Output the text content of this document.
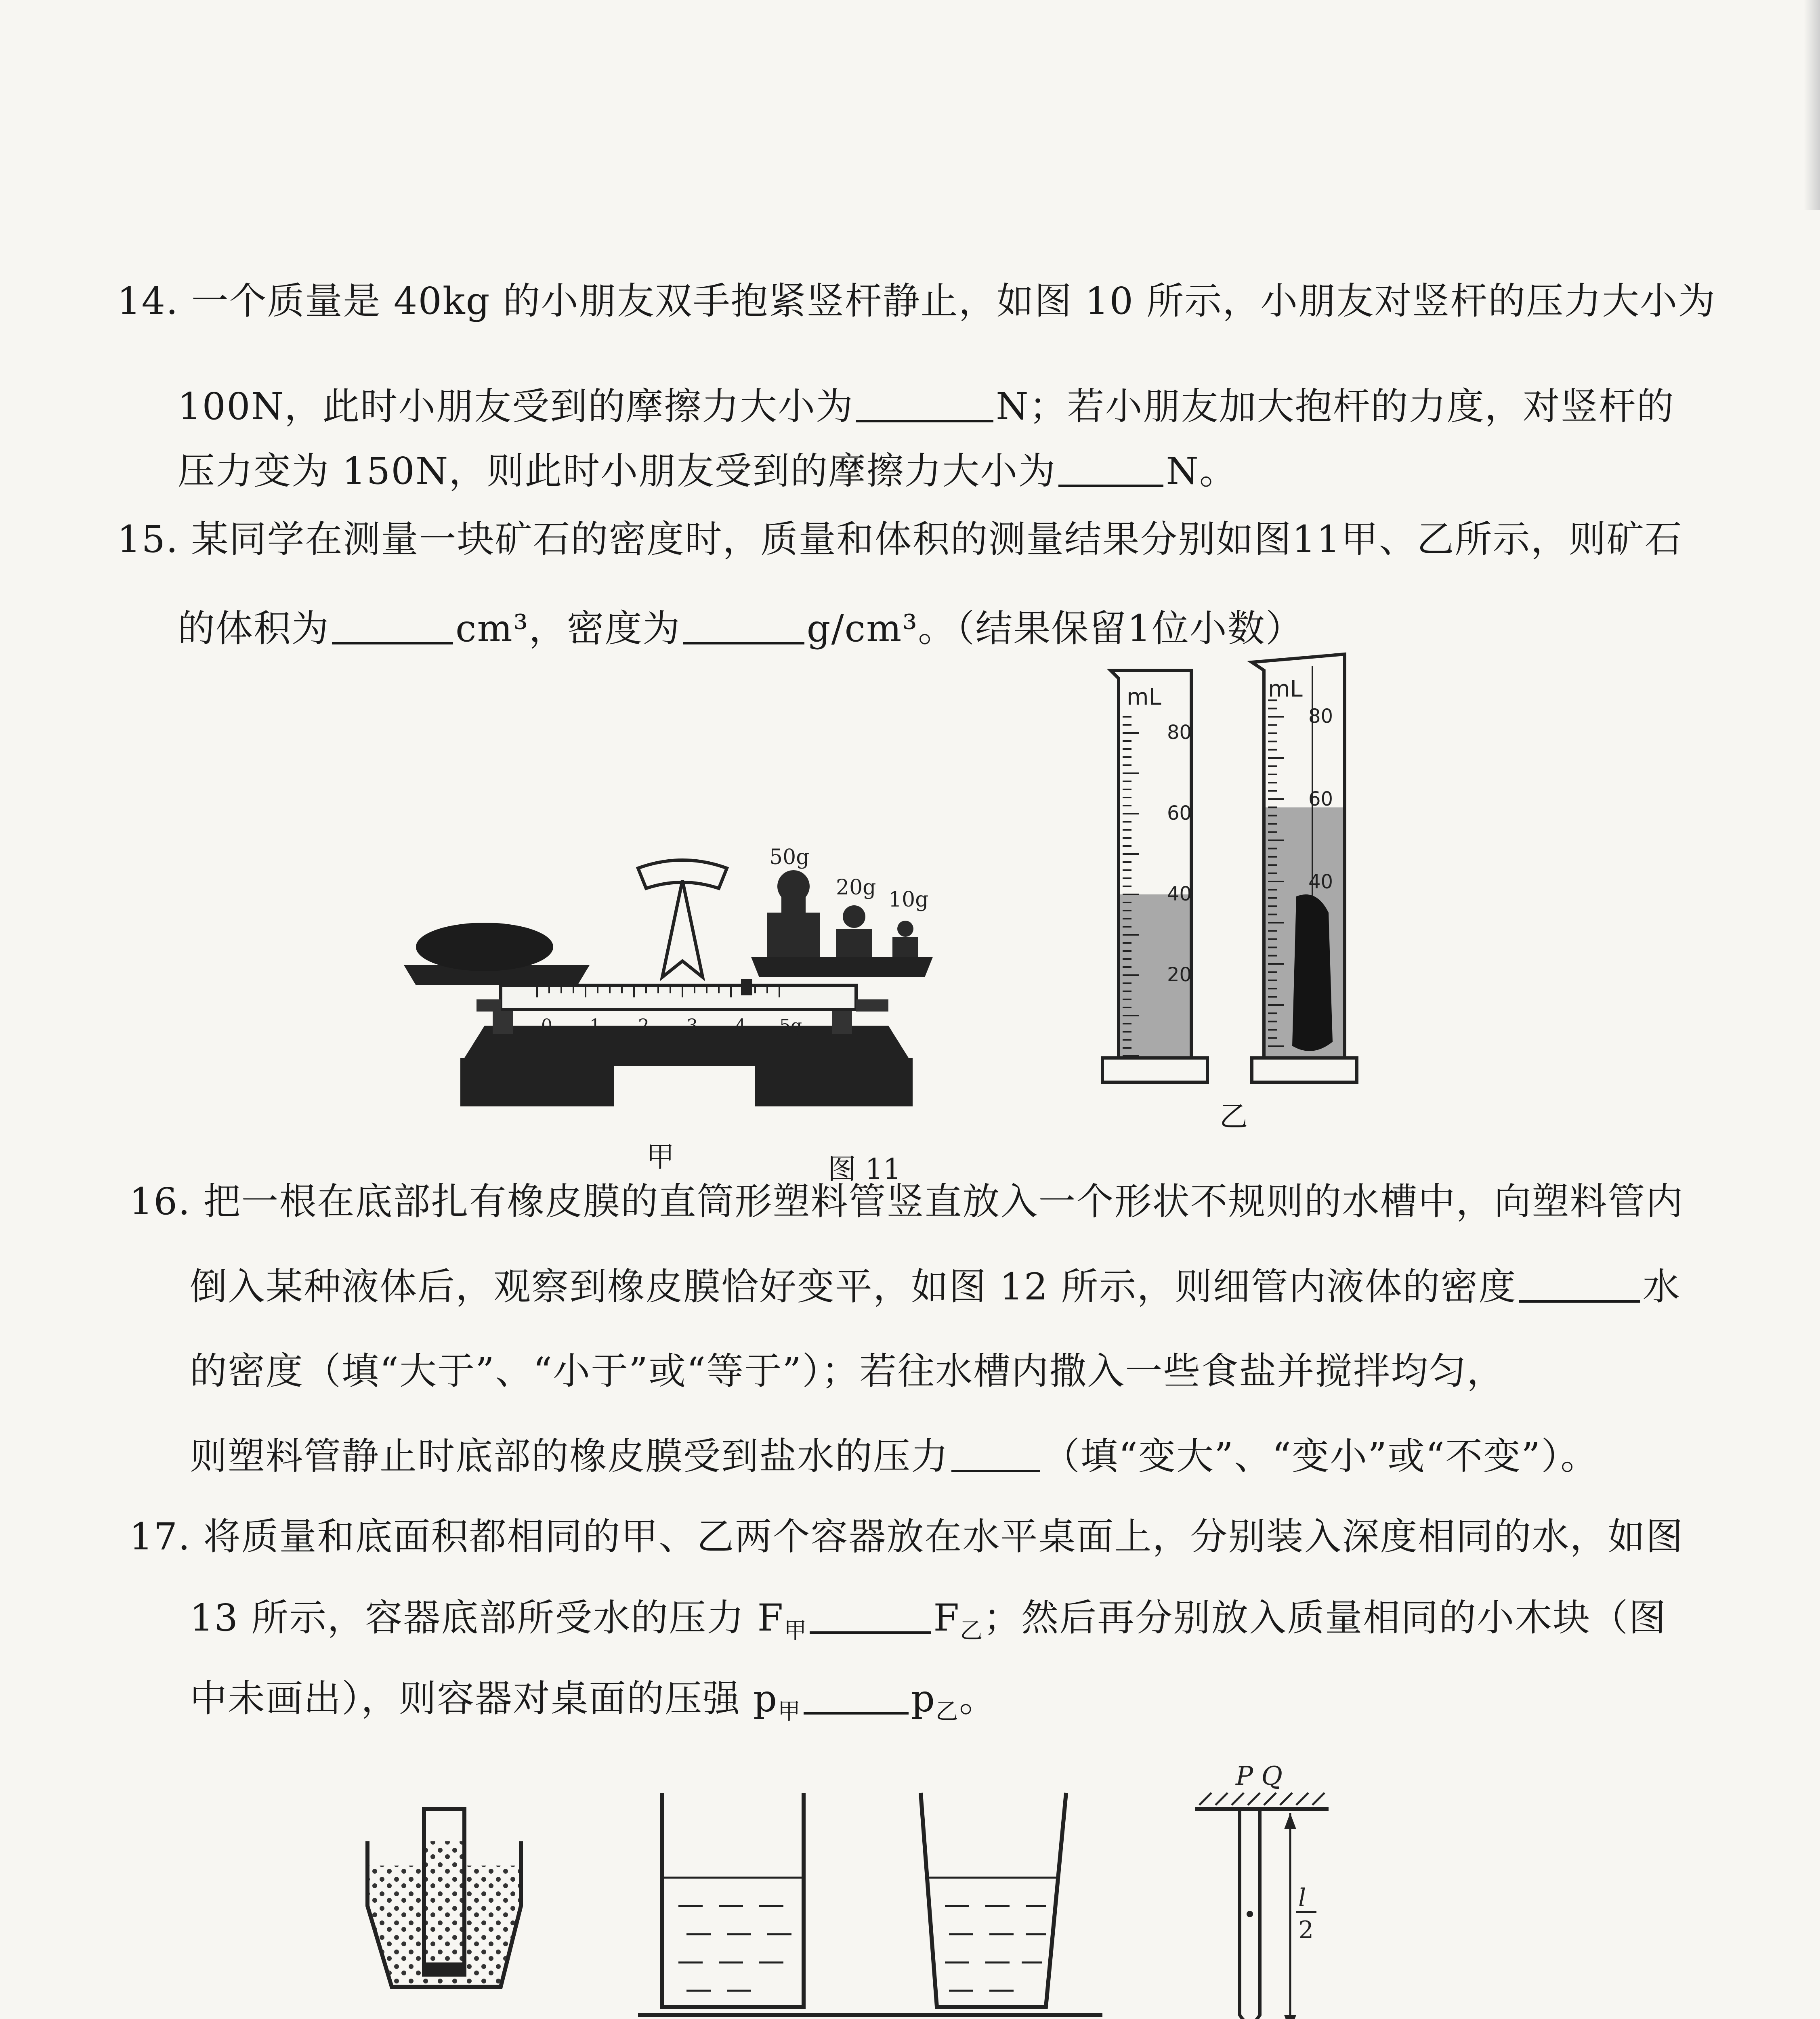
14. 一个质量是 40kg 的小朋友双手抱紧竖杆静止，如图 10 所示，小朋友对竖杆的压力大小为
100N，此时小朋友受到的摩擦力大小为	N；若小朋友加大抱杆的力度，对竖杆的
压力变为 150N，则此时小朋友受到的摩擦力大小为	N。
15. 某同学在测量一块矿石的密度时，质量和体积的测量结果分别如图11甲、乙所示，则矿石
的体积为	cm³，密度为	g/cm³。（结果保留1位小数）
0 1 2 3 4 5g
50g
20g 10g
甲	图 11
乙
mL
80
60
40
20
mL
80
60
40
16. 把一根在底部扎有橡皮膜的直筒形塑料管竖直放入一个形状不规则的水槽中，向塑料管内
倒入某种液体后，观察到橡皮膜恰好变平，如图 12 所示，则细管内液体的密度	水
的密度（填“大于”、“小于”或“等于”）；若往水槽内撒入一些食盐并搅拌均匀，
则塑料管静止时底部的橡皮膜受到盐水的压力	（填“变大”、“变小”或“不变”）。
17. 将质量和底面积都相同的甲、乙两个容器放在水平桌面上，分别装入深度相同的水，如图
13 所示，容器底部所受水的压力 $F_甲$	$F_乙$；然后再分别放入质量相同的小木块（图
中未画出），则容器对桌面的压强 $p_甲$	$p_乙$。
P Q
l
2
